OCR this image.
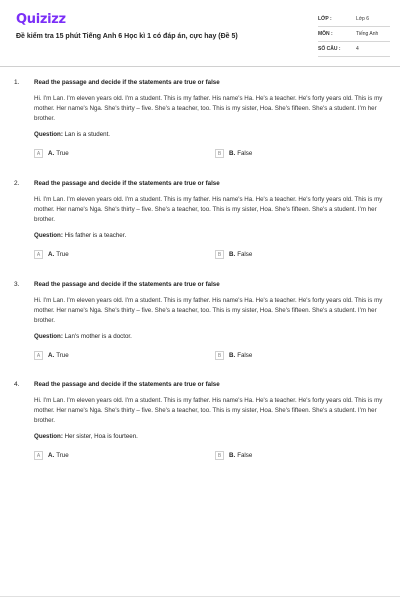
Quizizz
Đề kiểm tra 15 phút Tiếng Anh 6 Học kì 1 có đáp án, cực hay (Đề 5)
LỚP :	Lớp 6
MÔN :	Tiếng Anh
SỐ CÂU :	4
1. Read the passage and decide if the statements are true or false
Hi. I'm Lan. I'm eleven years old. I'm a student. This is my father. His name's Ha. He's a teacher. He's forty years old. This is my mother. Her name's Nga. She's thirty – five. She's a teacher, too. This is my sister, Hoa. She's fifteen. She's a student. I'm her brother.
Question: Lan is a student.
A	A. True	B	B. False
2. Read the passage and decide if the statements are true or false
Hi. I'm Lan. I'm eleven years old. I'm a student. This is my father. His name's Ha. He's a teacher. He's forty years old. This is my mother. Her name's Nga. She's thirty – five. She's a teacher, too. This is my sister, Hoa. She's fifteen. She's a student. I'm her brother.
Question: His father is a teacher.
A	A. True	B	B. False
3. Read the passage and decide if the statements are true or false
Hi. I'm Lan. I'm eleven years old. I'm a student. This is my father. His name's Ha. He's a teacher. He's forty years old. This is my mother. Her name's Nga. She's thirty – five. She's a teacher, too. This is my sister, Hoa. She's fifteen. She's a student. I'm her brother.
Question: Lan's mother is a doctor.
A	A. True	B	B. False
4. Read the passage and decide if the statements are true or false
Hi. I'm Lan. I'm eleven years old. I'm a student. This is my father. His name's Ha. He's a teacher. He's forty years old. This is my mother. Her name's Nga. She's thirty – five. She's a teacher, too. This is my sister, Hoa. She's fifteen. She's a student. I'm her brother.
Question: Her sister, Hoa is fourteen.
A	A. True	B	B. False
